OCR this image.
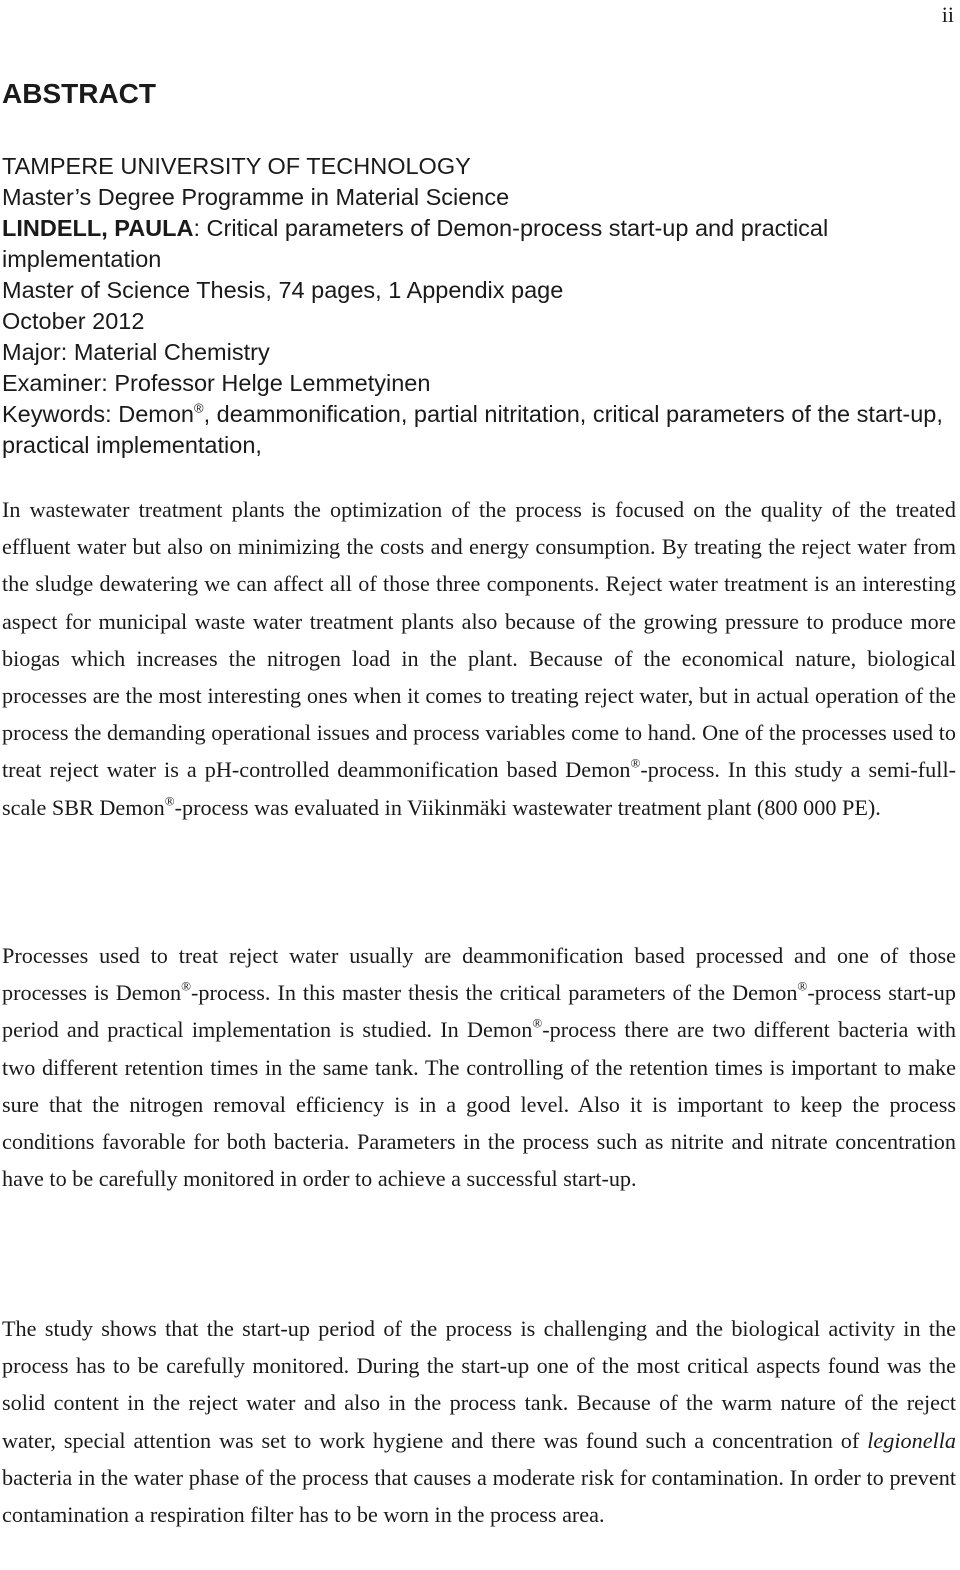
ii
ABSTRACT
TAMPERE UNIVERSITY OF TECHNOLOGY
Master’s Degree Programme in Material Science
LINDELL, PAULA: Critical parameters of Demon-process start-up and practical implementation
Master of Science Thesis, 74 pages, 1 Appendix page
October 2012
Major: Material Chemistry
Examiner: Professor Helge Lemmetyinen
Keywords: Demon®, deammonification, partial nitritation, critical parameters of the start-up, practical implementation,

In wastewater treatment plants the optimization of the process is focused on the quality of the treated effluent water but also on minimizing the costs and energy consumption. By treating the reject water from the sludge dewatering we can affect all of those three components. Reject water treatment is an interesting aspect for municipal waste water treatment plants also because of the growing pressure to produce more biogas which increases the nitrogen load in the plant. Because of the economical nature, biological processes are the most interesting ones when it comes to treating reject water, but in actual operation of the process the demanding operational issues and process variables come to hand. One of the processes used to treat reject water is a pH-controlled deammonification based Demon®-process. In this study a semi-full-scale SBR Demon®-process was evaluated in Viikinmäki wastewater treatment plant (800 000 PE).

Processes used to treat reject water usually are deammonification based processed and one of those processes is Demon®-process. In this master thesis the critical parameters of the Demon®-process start-up period and practical implementation is studied. In Demon®-process there are two different bacteria with two different retention times in the same tank. The controlling of the retention times is important to make sure that the nitrogen removal efficiency is in a good level. Also it is important to keep the process conditions favorable for both bacteria. Parameters in the process such as nitrite and nitrate concentration have to be carefully monitored in order to achieve a successful start-up.

The study shows that the start-up period of the process is challenging and the biological activity in the process has to be carefully monitored. During the start-up one of the most critical aspects found was the solid content in the reject water and also in the process tank. Because of the warm nature of the reject water, special attention was set to work hygiene and there was found such a concentration of legionella bacteria in the water phase of the process that causes a moderate risk for contamination. In order to prevent contamination a respiration filter has to be worn in the process area.
